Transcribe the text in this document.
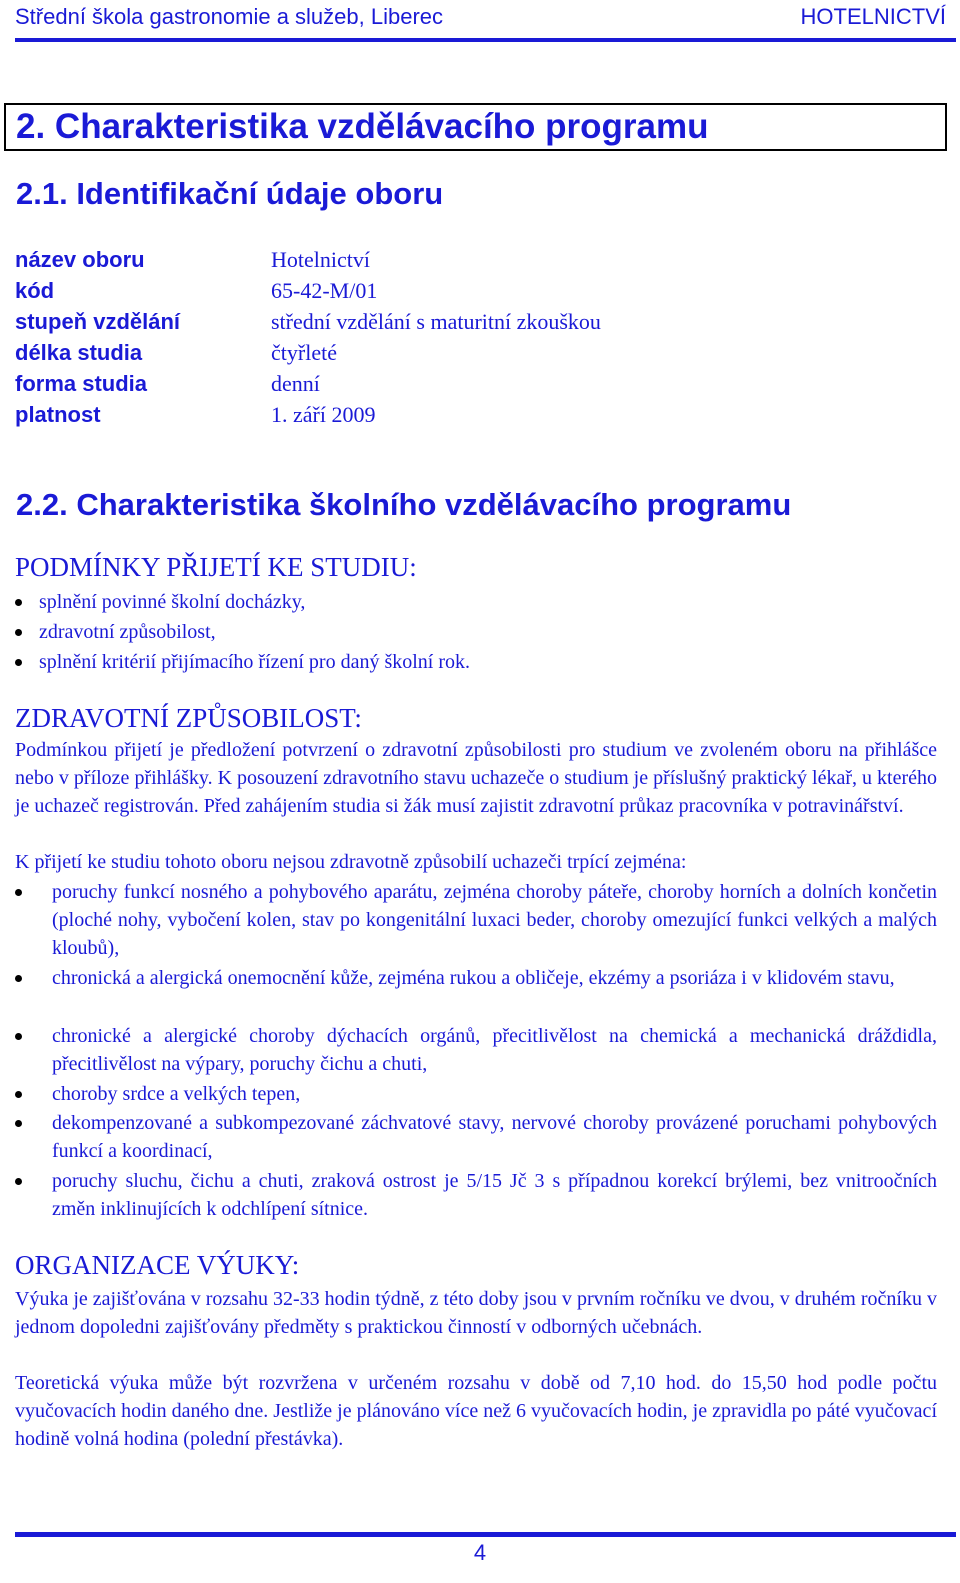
Střední škola gastronomie a služeb, Liberec	HOTELNICTVÍ
2. Charakteristika vzdělávacího programu
2.1. Identifikační údaje oboru
název oboru	Hotelnictví
kód	65-42-M/01
stupeň vzdělání	střední vzdělání s maturitní zkouškou
délka studia	čtyřleté
forma studia	denní
platnost	1. září 2009
2.2. Charakteristika školního vzdělávacího programu
PODMÍNKY PŘIJETÍ KE STUDIU:
splnění povinné školní docházky,
zdravotní způsobilost,
splnění kritérií přijímacího řízení pro daný školní rok.
ZDRAVOTNÍ ZPŮSOBILOST:
Podmínkou přijetí je předložení potvrzení o zdravotní způsobilosti pro studium ve zvoleném oboru na přihlášce nebo v příloze přihlášky. K posouzení zdravotního stavu uchazeče o studium je příslušný praktický lékař, u kterého je uchazeč registrován. Před zahájením studia si žák musí zajistit zdravotní průkaz pracovníka v potravinářství.
K přijetí ke studiu tohoto oboru nejsou zdravotně způsobilí uchazeči trpící zejména:
poruchy funkcí nosného a pohybového aparátu, zejména choroby páteře, choroby horních a dolních končetin (ploché nohy, vybočení kolen, stav po kongenitální luxaci beder, choroby omezující funkci velkých a malých kloubů),
chronická a alergická onemocnění kůže, zejména rukou a obličeje, ekzémy a psoriáza i v klidovém stavu,
chronické a alergické choroby dýchacích orgánů, přecitlivělost na chemická a mechanická dráždidla, přecitlivělost na výpary, poruchy čichu a chuti,
choroby srdce a velkých tepen,
dekompenzované a subkompezované záchvatové stavy, nervové choroby provázené poruchami pohybových funkcí a koordinací,
poruchy sluchu, čichu a chuti, zraková ostrost je 5/15 Jč 3 s případnou korekcí brýlemi, bez vnitroočních změn inklinujících k odchlípení sítnice.
ORGANIZACE VÝUKY:
Výuka je zajišťována v rozsahu 32-33 hodin týdně, z této doby jsou v prvním ročníku ve dvou, v druhém ročníku v jednom dopoledni zajišťovány předměty s praktickou činností v odborných učebnách.
Teoretická výuka může být rozvržena v určeném rozsahu v době od 7,10 hod. do 15,50 hod podle počtu vyučovacích hodin daného dne. Jestliže je plánováno více než 6 vyučovacích hodin, je zpravidla po páté vyučovací hodině volná hodina (polední přestávka).
4
